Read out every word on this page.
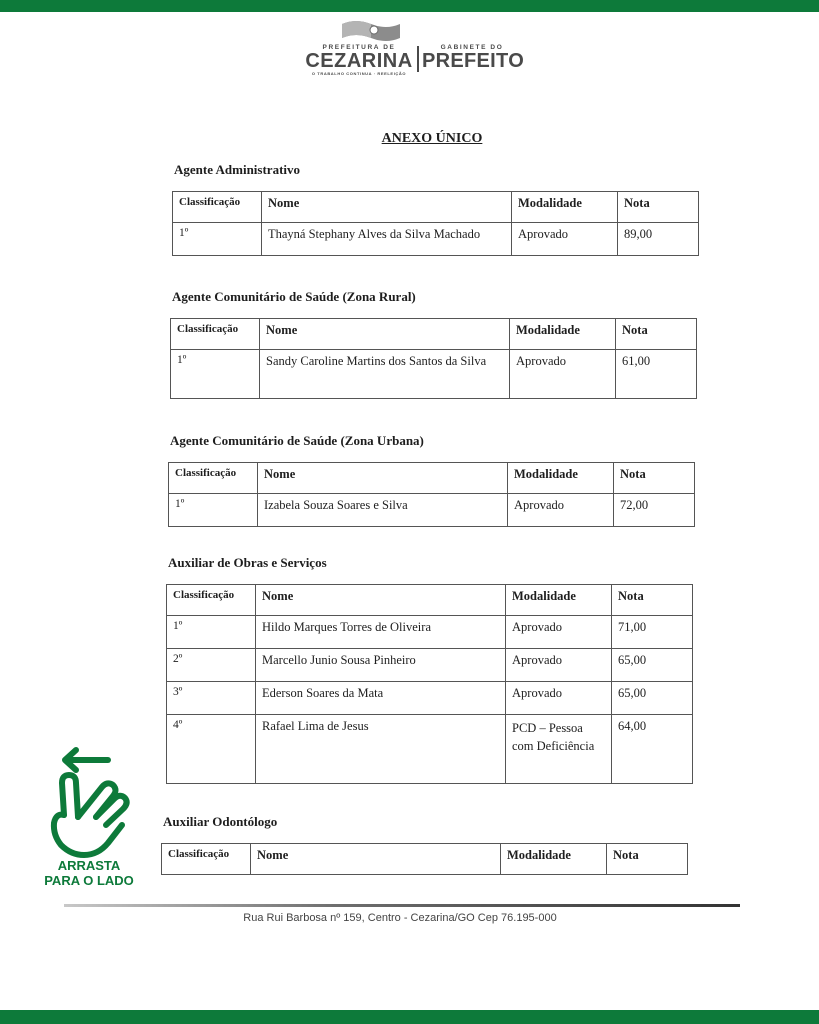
PREFEITURA DE
CEZARINA
O TRABALHO CONTINUA · REELEIÇÃO
GABINETE DO
PREFEITO
ANEXO ÚNICO
Agente Administrativo
Classificação	Nome	Modalidade	Nota
1º	Thayná Stephany Alves da Silva Machado	Aprovado	89,00
Agente Comunitário de Saúde (Zona Rural)
Classificação	Nome	Modalidade	Nota
1º	Sandy Caroline Martins dos Santos da Silva	Aprovado	61,00
Agente Comunitário de Saúde (Zona Urbana)
Classificação	Nome	Modalidade	Nota
1º	Izabela Souza Soares e Silva	Aprovado	72,00
Auxiliar de Obras e Serviços
Classificação	Nome	Modalidade	Nota
1º	Hildo Marques Torres de Oliveira	Aprovado	71,00
2º	Marcello Junio Sousa Pinheiro	Aprovado	65,00
3º	Ederson Soares da Mata	Aprovado	65,00
4º	Rafael Lima de Jesus	PCD – Pessoa com Deficiência	64,00
Auxiliar Odontólogo
Classificação	Nome	Modalidade	Nota
ARRASTA
PARA O LADO
Rua Rui Barbosa nº 159, Centro - Cezarina/GO Cep 76.195-000
